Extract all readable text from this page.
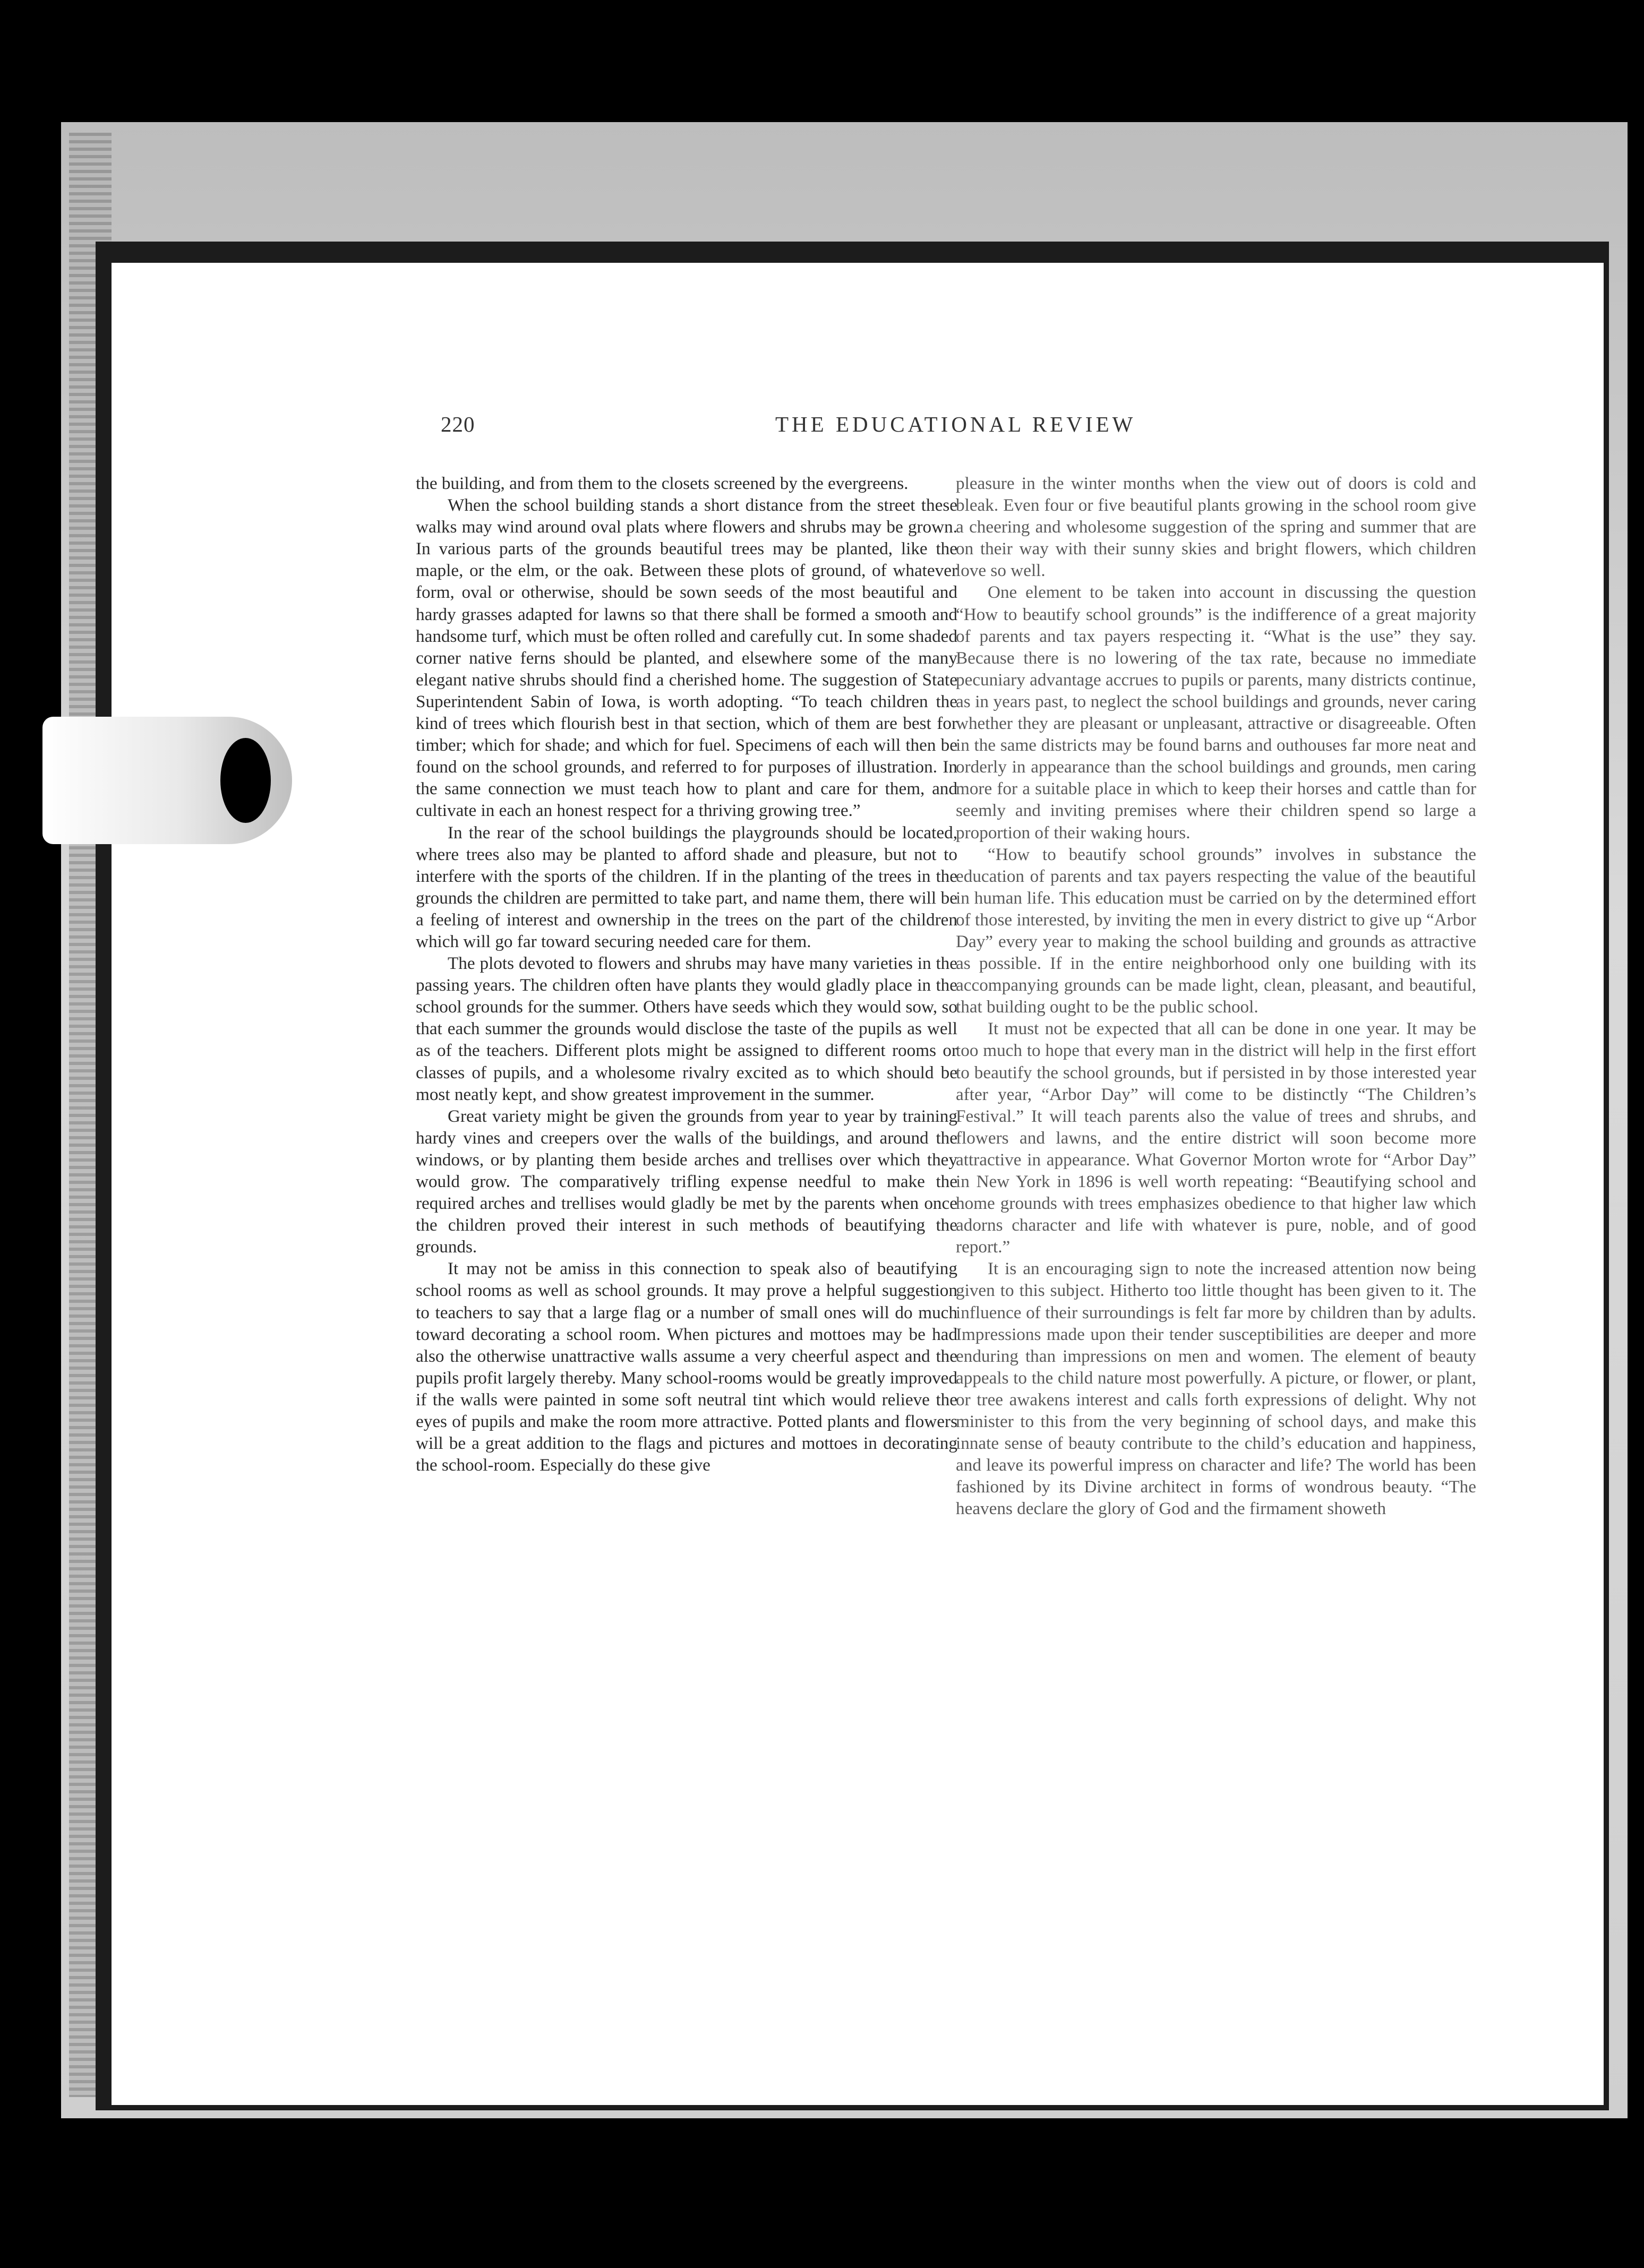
220	THE EDUCATIONAL REVIEW

the building, and from them to the closets screened by the evergreens.

When the school building stands a short distance from the street these walks may wind around oval plats where flowers and shrubs may be grown. In various parts of the grounds beautiful trees may be planted, like the maple, or the elm, or the oak. Between these plots of ground, of whatever form, oval or otherwise, should be sown seeds of the most beautiful and hardy grasses adapted for lawns so that there shall be formed a smooth and handsome turf, which must be often rolled and carefully cut. In some shaded corner native ferns should be planted, and elsewhere some of the many elegant native shrubs should find a cherished home. The suggestion of State Superintendent Sabin of Iowa, is worth adopting. “To teach children the kind of trees which flourish best in that section, which of them are best for timber; which for shade; and which for fuel. Specimens of each will then be found on the school grounds, and referred to for purposes of illustration. In the same connection we must teach how to plant and care for them, and cultivate in each an honest respect for a thriving growing tree.”

In the rear of the school buildings the playgrounds should be located, where trees also may be planted to afford shade and pleasure, but not to interfere with the sports of the children. If in the planting of the trees in the grounds the children are permitted to take part, and name them, there will be a feeling of interest and ownership in the trees on the part of the children which will go far toward securing needed care for them.

The plots devoted to flowers and shrubs may have many varieties in the passing years. The children often have plants they would gladly place in the school grounds for the summer. Others have seeds which they would sow, so that each summer the grounds would disclose the taste of the pupils as well as of the teachers. Different plots might be assigned to different rooms or classes of pupils, and a wholesome rivalry excited as to which should be most neatly kept, and show greatest improvement in the summer.

Great variety might be given the grounds from year to year by training hardy vines and creepers over the walls of the buildings, and around the windows, or by planting them beside arches and trellises over which they would grow. The comparatively trifling expense needful to make the required arches and trellises would gladly be met by the parents when once the children proved their interest in such methods of beautifying the grounds.

It may not be amiss in this connection to speak also of beautifying school rooms as well as school grounds. It may prove a helpful suggestion to teachers to say that a large flag or a number of small ones will do much toward decorating a school room. When pictures and mottoes may be had also the otherwise unattractive walls assume a very cheerful aspect and the pupils profit largely thereby. Many school-rooms would be greatly improved if the walls were painted in some soft neutral tint which would relieve the eyes of pupils and make the room more attractive. Potted plants and flowers will be a great addition to the flags and pictures and mottoes in decorating the school-room. Especially do these give

pleasure in the winter months when the view out of doors is cold and bleak. Even four or five beautiful plants growing in the school room give a cheering and wholesome suggestion of the spring and summer that are on their way with their sunny skies and bright flowers, which children love so well.

One element to be taken into account in discussing the question “How to beautify school grounds” is the indifference of a great majority of parents and tax payers respecting it. “What is the use” they say. Because there is no lowering of the tax rate, because no immediate pecuniary advantage accrues to pupils or parents, many districts continue, as in years past, to neglect the school buildings and grounds, never caring whether they are pleasant or unpleasant, attractive or disagreeable. Often in the same districts may be found barns and outhouses far more neat and orderly in appearance than the school buildings and grounds, men caring more for a suitable place in which to keep their horses and cattle than for seemly and inviting premises where their children spend so large a proportion of their waking hours.

“How to beautify school grounds” involves in substance the education of parents and tax payers respecting the value of the beautiful in human life. This education must be carried on by the determined effort of those interested, by inviting the men in every district to give up “Arbor Day” every year to making the school building and grounds as attractive as possible. If in the entire neighborhood only one building with its accompanying grounds can be made light, clean, pleasant, and beautiful, that building ought to be the public school.

It must not be expected that all can be done in one year. It may be too much to hope that every man in the district will help in the first effort to beautify the school grounds, but if persisted in by those interested year after year, “Arbor Day” will come to be distinctly “The Children’s Festival.” It will teach parents also the value of trees and shrubs, and flowers and lawns, and the entire district will soon become more attractive in appearance. What Governor Morton wrote for “Arbor Day” in New York in 1896 is well worth repeating: “Beautifying school and home grounds with trees emphasizes obedience to that higher law which adorns character and life with whatever is pure, noble, and of good report.”

It is an encouraging sign to note the increased attention now being given to this subject. Hitherto too little thought has been given to it. The influence of their surroundings is felt far more by children than by adults. Impressions made upon their tender susceptibilities are deeper and more enduring than impressions on men and women. The element of beauty appeals to the child nature most powerfully. A picture, or flower, or plant, or tree awakens interest and calls forth expressions of delight. Why not minister to this from the very beginning of school days, and make this innate sense of beauty contribute to the child’s education and happiness, and leave its powerful impress on character and life? The world has been fashioned by its Divine architect in forms of wondrous beauty. “The heavens declare the glory of God and the firmament showeth
